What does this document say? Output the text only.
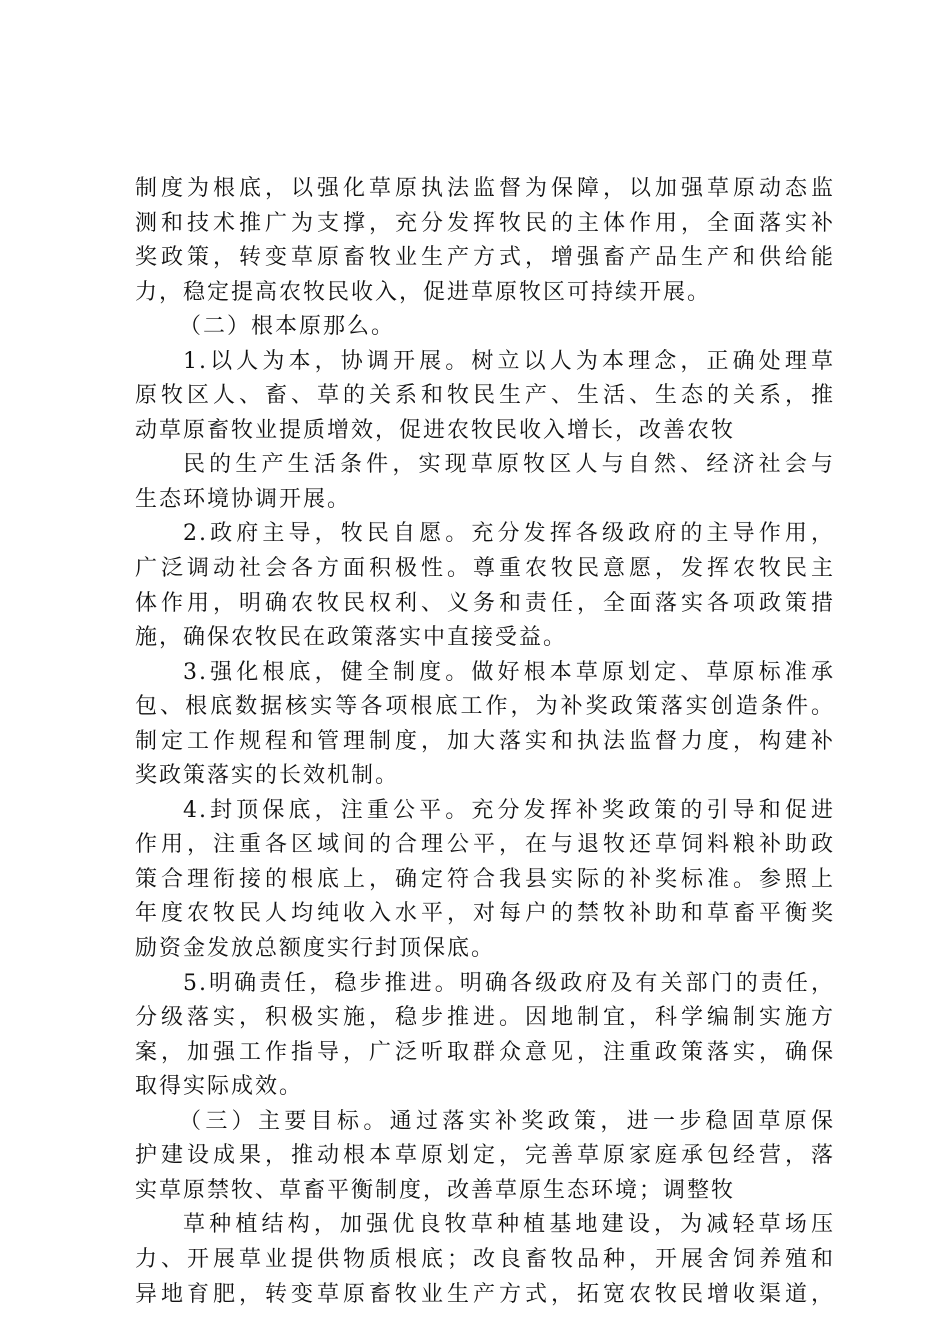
制度为根底，以强化草原执法监督为保障，以加强草原动态监
测和技术推广为支撑，充分发挥牧民的主体作用，全面落实补
奖政策，转变草原畜牧业生产方式，增强畜产品生产和供给能
力，稳定提高农牧民收入，促进草原牧区可持续开展。
（二）根本原那么。
1.以人为本，协调开展。树立以人为本理念，正确处理草
原牧区人、畜、草的关系和牧民生产、生活、生态的关系，推
动草原畜牧业提质增效，促进农牧民收入增长，改善农牧
民的生产生活条件，实现草原牧区人与自然、经济社会与
生态环境协调开展。
2.政府主导，牧民自愿。充分发挥各级政府的主导作用，
广泛调动社会各方面积极性。尊重农牧民意愿，发挥农牧民主
体作用，明确农牧民权利、义务和责任，全面落实各项政策措
施，确保农牧民在政策落实中直接受益。
3.强化根底，健全制度。做好根本草原划定、草原标准承
包、根底数据核实等各项根底工作，为补奖政策落实创造条件。
制定工作规程和管理制度，加大落实和执法监督力度，构建补
奖政策落实的长效机制。
4.封顶保底，注重公平。充分发挥补奖政策的引导和促进
作用，注重各区域间的合理公平，在与退牧还草饲料粮补助政
策合理衔接的根底上，确定符合我县实际的补奖标准。参照上
年度农牧民人均纯收入水平，对每户的禁牧补助和草畜平衡奖
励资金发放总额度实行封顶保底。
5.明确责任，稳步推进。明确各级政府及有关部门的责任，
分级落实，积极实施，稳步推进。因地制宜，科学编制实施方
案，加强工作指导，广泛听取群众意见，注重政策落实，确保
取得实际成效。
（三）主要目标。通过落实补奖政策，进一步稳固草原保
护建设成果，推动根本草原划定，完善草原家庭承包经营，落
实草原禁牧、草畜平衡制度，改善草原生态环境；调整牧
草种植结构，加强优良牧草种植基地建设，为减轻草场压
力、开展草业提供物质根底；改良畜牧品种，开展舍饲养殖和
异地育肥，转变草原畜牧业生产方式，拓宽农牧民增收渠道，
